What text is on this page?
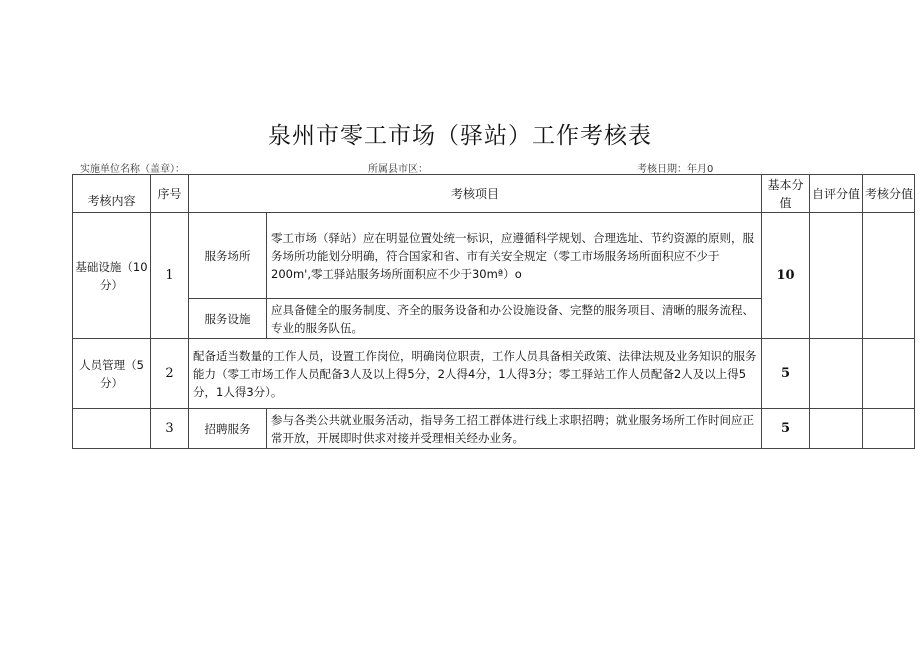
泉州市零工市场（驿站）工作考核表
实施单位名称（盖章）：	所属县市区：	考核日期：年月0
考核内容	序号	考核项目		基本分值	自评分值	考核分值
基础设施（10分）	1	服务场所	零工市场（驿站）应在明显位置处统一标识，应遵循科学规划、合理选址、节约资源的原则，服务场所功能划分明确，符合国家和省、市有关安全规定（零工市场服务场所面积应不少于200m',零工驿站服务场所面积应不少于30mª）o	10		
		服务设施	应具备健全的服务制度、齐全的服务设备和办公设施设备、完整的服务项目、清晰的服务流程、专业的服务队伍。			
人员管理（5分）	2	配备适当数量的工作人员，设置工作岗位，明确岗位职责，工作人员具备相关政策、法律法规及业务知识的服务能力（零工市场工作人员配备3人及以上得5分，2人得4分，1人得3分；零工驿站工作人员配备2人及以上得5分，1人得3分）。		5		
	3	招聘服务	参与各类公共就业服务活动，指导务工招工群体进行线上求职招聘；就业服务场所工作时间应正常开放，开展即时供求对接并受理相关经办业务。	5		
